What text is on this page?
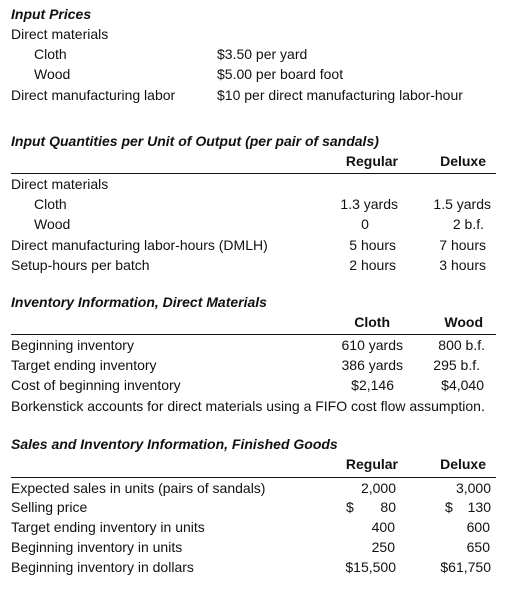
Input Prices
Direct materials
Cloth	$3.50 per yard
Wood	$5.00 per board foot
Direct manufacturing labor	$10 per direct manufacturing labor-hour
Input Quantities per Unit of Output (per pair of sandals)
Regular	Deluxe
Direct materials
Cloth	1.3 yards	1.5 yards
Wood	0	2 b.f.
Direct manufacturing labor-hours (DMLH)	5 hours	7 hours
Setup-hours per batch	2 hours	3 hours
Inventory Information, Direct Materials
Cloth	Wood
Beginning inventory	610 yards	800 b.f.
Target ending inventory	386 yards	295 b.f.
Cost of beginning inventory	$2,146	$4,040
Borkenstick accounts for direct materials using a FIFO cost flow assumption.
Sales and Inventory Information, Finished Goods
Regular	Deluxe
Expected sales in units (pairs of sandals)	2,000	3,000
Selling price	$	80	$	130
Target ending inventory in units	400	600
Beginning inventory in units	250	650
Beginning inventory in dollars	$15,500	$61,750
